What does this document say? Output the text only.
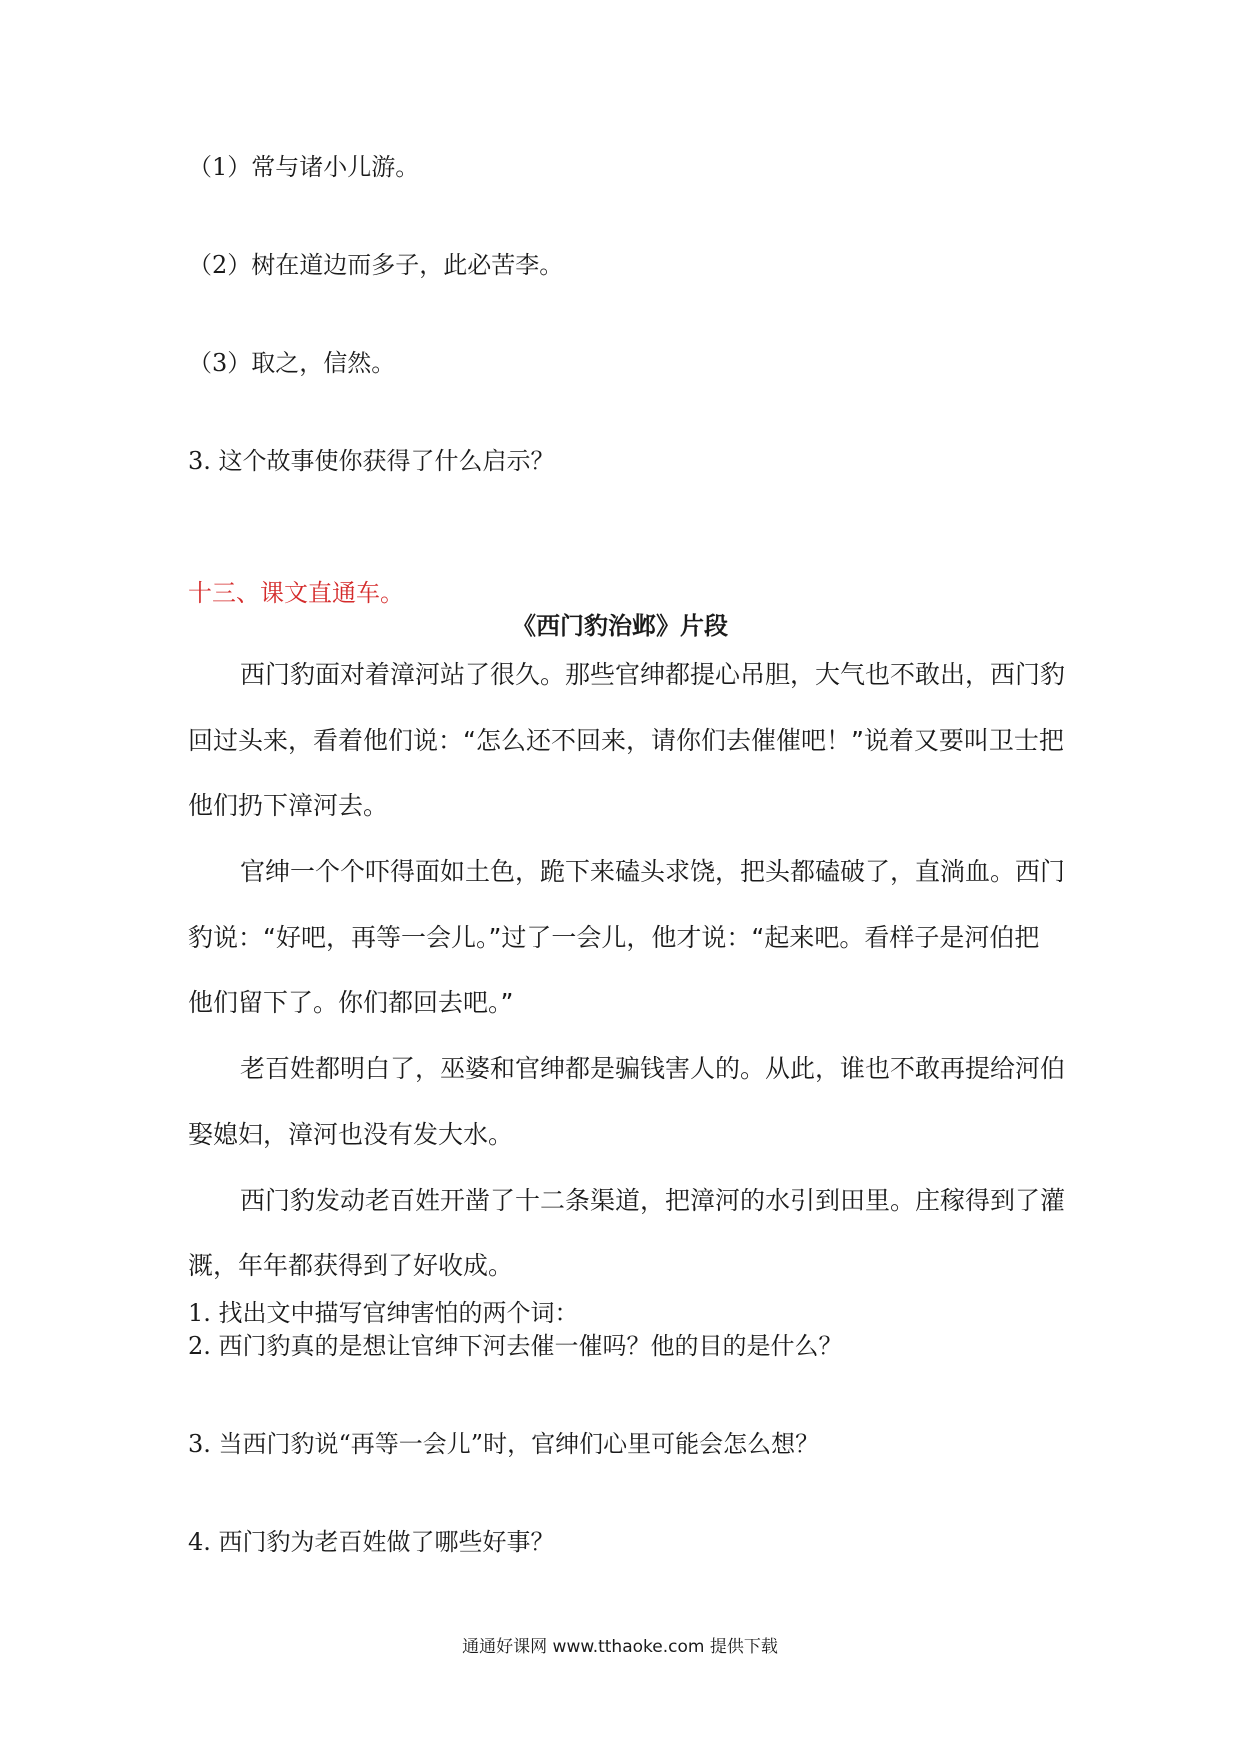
（1）常与诸小儿游。
（2）树在道边而多子，此必苦李。
（3）取之，信然。
3. 这个故事使你获得了什么启示？
十三、课文直通车。
《西门豹治邺》片段
西门豹面对着漳河站了很久。那些官绅都提心吊胆，大气也不敢出，西门豹
回过头来，看着他们说：“怎么还不回来，请你们去催催吧！”说着又要叫卫士把
他们扔下漳河去。
官绅一个个吓得面如土色，跪下来磕头求饶，把头都磕破了，直淌血。西门
豹说：“好吧，再等一会儿。”过了一会儿，他才说：“起来吧。看样子是河伯把
他们留下了。你们都回去吧。”
老百姓都明白了，巫婆和官绅都是骗钱害人的。从此，谁也不敢再提给河伯
娶媳妇，漳河也没有发大水。
西门豹发动老百姓开凿了十二条渠道，把漳河的水引到田里。庄稼得到了灌
溉，年年都获得到了好收成。
1. 找出文中描写官绅害怕的两个词：
2. 西门豹真的是想让官绅下河去催一催吗？他的目的是什么？
3. 当西门豹说“再等一会儿”时，官绅们心里可能会怎么想？
4. 西门豹为老百姓做了哪些好事？
通通好课网 www.tthaoke.com 提供下载
